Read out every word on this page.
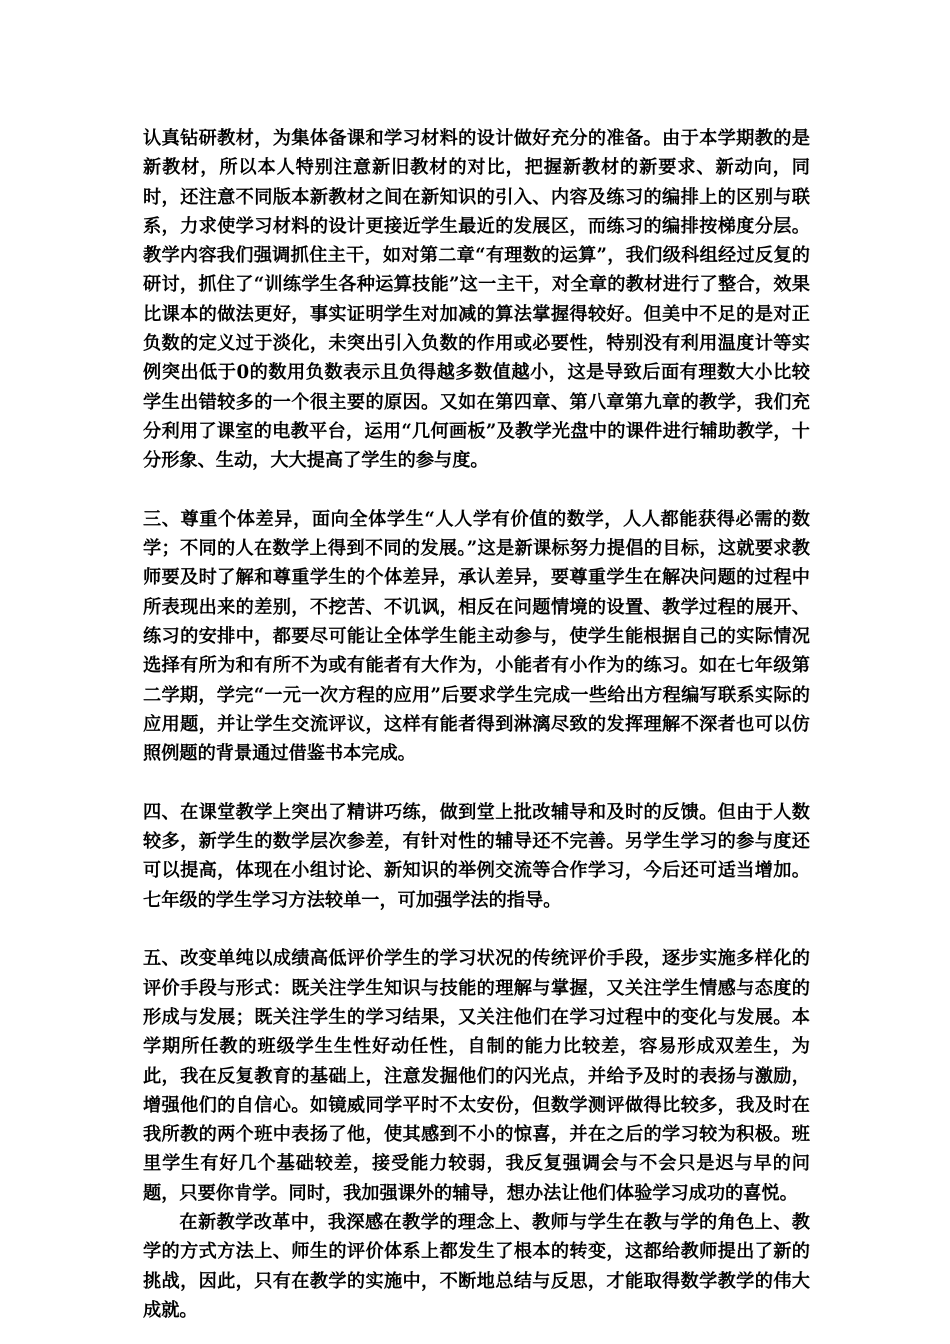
认真钻研教材，为集体备课和学习材料的设计做好充分的准备。由于本学期教的是新教材，所以本人特别注意新旧教材的对比，把握新教材的新要求、新动向，同时，还注意不同版本新教材之间在新知识的引入、内容及练习的编排上的区别与联系，力求使学习材料的设计更接近学生最近的发展区，而练习的编排按梯度分层。教学内容我们强调抓住主干，如对第二章“有理数的运算”，我们级科组经过反复的研讨，抓住了“训练学生各种运算技能”这一主干，对全章的教材进行了整合，效果比课本的做法更好，事实证明学生对加减的算法掌握得较好。但美中不足的是对正负数的定义过于淡化，未突出引入负数的作用或必要性，特别没有利用温度计等实例突出低于0的数用负数表示且负得越多数值越小，这是导致后面有理数大小比较学生出错较多的一个很主要的原因。又如在第四章、第八章第九章的教学，我们充分利用了课室的电教平台，运用“几何画板”及教学光盘中的课件进行辅助教学，十分形象、生动，大大提高了学生的参与度。

三、尊重个体差异，面向全体学生“人人学有价值的数学，人人都能获得必需的数学；不同的人在数学上得到不同的发展。”这是新课标努力提倡的目标，这就要求教师要及时了解和尊重学生的个体差异，承认差异，要尊重学生在解决问题的过程中所表现出来的差别，不挖苦、不讥讽，相反在问题情境的设置、教学过程的展开、练习的安排中，都要尽可能让全体学生能主动参与，使学生能根据自己的实际情况选择有所为和有所不为或有能者有大作为，小能者有小作为的练习。如在七年级第二学期，学完“一元一次方程的应用”后要求学生完成一些给出方程编写联系实际的应用题，并让学生交流评议，这样有能者得到淋漓尽致的发挥理解不深者也可以仿照例题的背景通过借鉴书本完成。

四、在课堂教学上突出了精讲巧练，做到堂上批改辅导和及时的反馈。但由于人数较多，新学生的数学层次参差，有针对性的辅导还不完善。另学生学习的参与度还可以提高，体现在小组讨论、新知识的举例交流等合作学习，今后还可适当增加。七年级的学生学习方法较单一，可加强学法的指导。

五、改变单纯以成绩高低评价学生的学习状况的传统评价手段，逐步实施多样化的评价手段与形式：既关注学生知识与技能的理解与掌握，又关注学生情感与态度的形成与发展；既关注学生的学习结果，又关注他们在学习过程中的变化与发展。本学期所任教的班级学生生性好动任性，自制的能力比较差，容易形成双差生，为此，我在反复教育的基础上，注意发掘他们的闪光点，并给予及时的表扬与激励，增强他们的自信心。如镜威同学平时不太安份，但数学测评做得比较多，我及时在我所教的两个班中表扬了他，使其感到不小的惊喜，并在之后的学习较为积极。班里学生有好几个基础较差，接受能力较弱，我反复强调会与不会只是迟与早的问题，只要你肯学。同时，我加强课外的辅导，想办法让他们体验学习成功的喜悦。

在新教学改革中，我深感在教学的理念上、教师与学生在教与学的角色上、教学的方式方法上、师生的评价体系上都发生了根本的转变，这都给教师提出了新的挑战，因此，只有在教学的实施中，不断地总结与反思，才能取得数学教学的伟大成就。
